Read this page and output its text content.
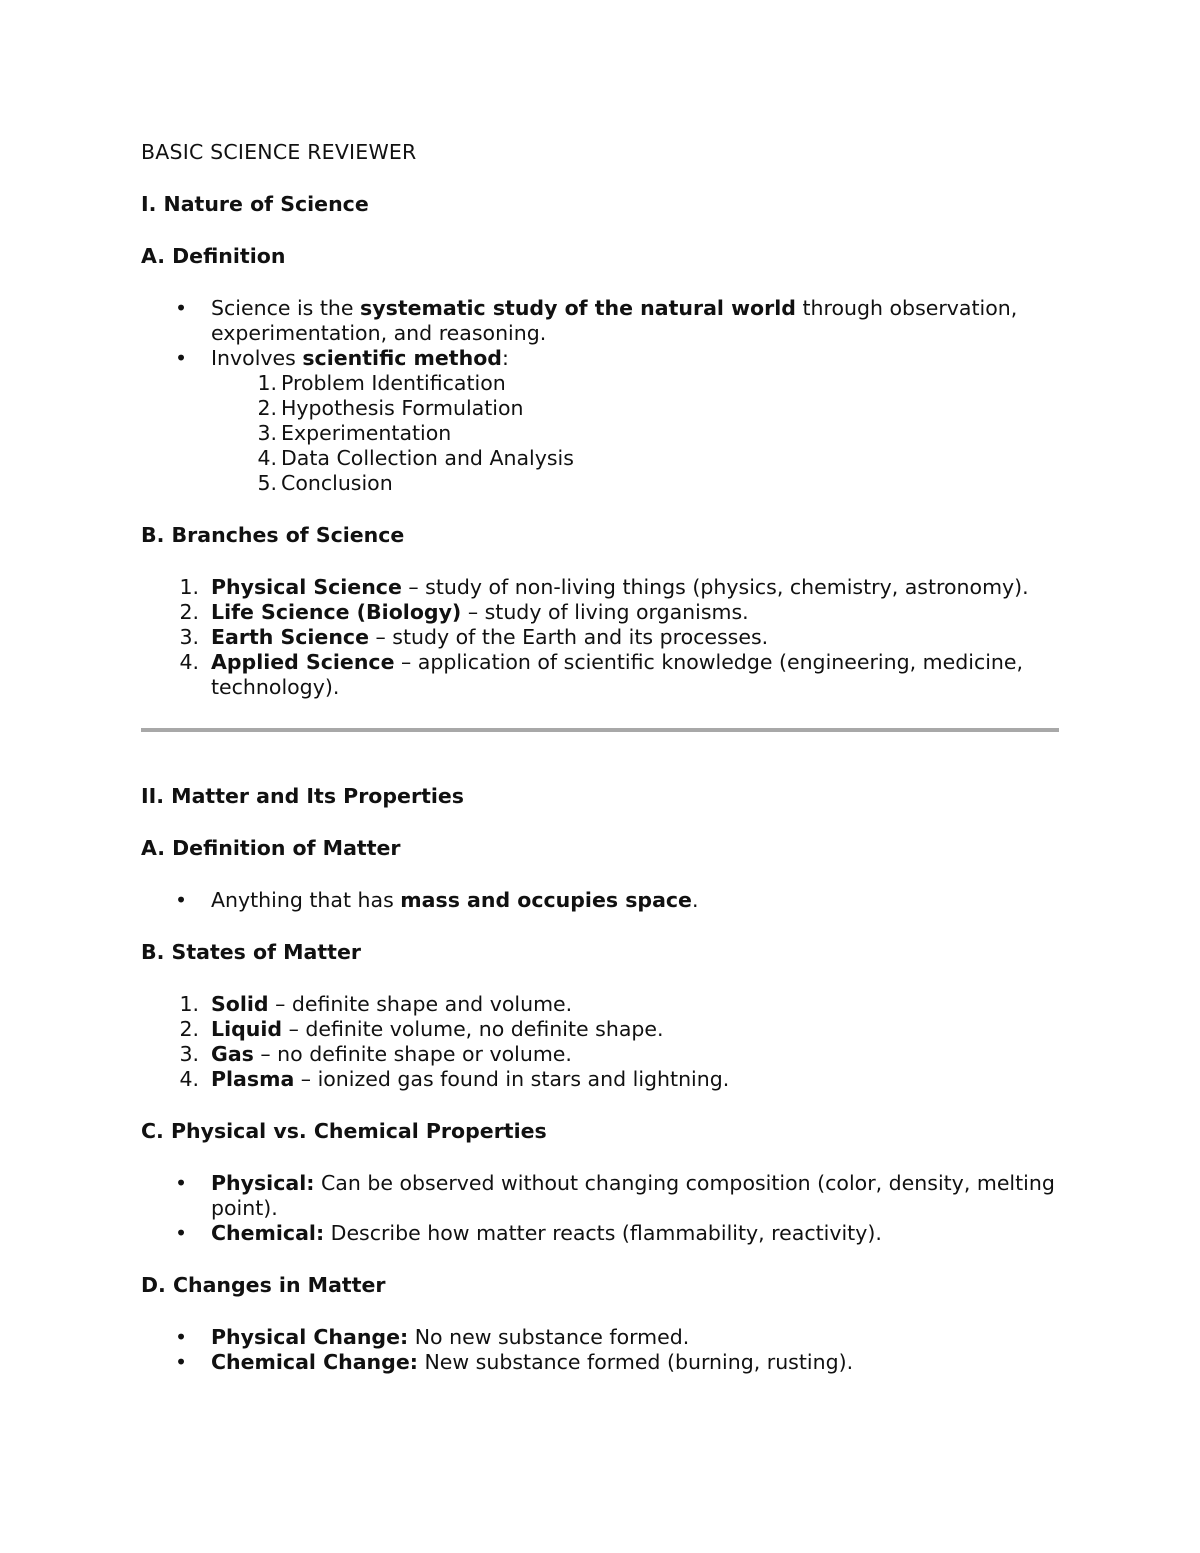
BASIC SCIENCE REVIEWER
I. Nature of Science
A. Definition
• Science is the systematic study of the natural world through observation, experimentation, and reasoning.
• Involves scientific method:
1. Problem Identification
2. Hypothesis Formulation
3. Experimentation
4. Data Collection and Analysis
5. Conclusion
B. Branches of Science
1. Physical Science – study of non-living things (physics, chemistry, astronomy).
2. Life Science (Biology) – study of living organisms.
3. Earth Science – study of the Earth and its processes.
4. Applied Science – application of scientific knowledge (engineering, medicine, technology).
II. Matter and Its Properties
A. Definition of Matter
• Anything that has mass and occupies space.
B. States of Matter
1. Solid – definite shape and volume.
2. Liquid – definite volume, no definite shape.
3. Gas – no definite shape or volume.
4. Plasma – ionized gas found in stars and lightning.
C. Physical vs. Chemical Properties
• Physical: Can be observed without changing composition (color, density, melting point).
• Chemical: Describe how matter reacts (flammability, reactivity).
D. Changes in Matter
• Physical Change: No new substance formed.
• Chemical Change: New substance formed (burning, rusting).
